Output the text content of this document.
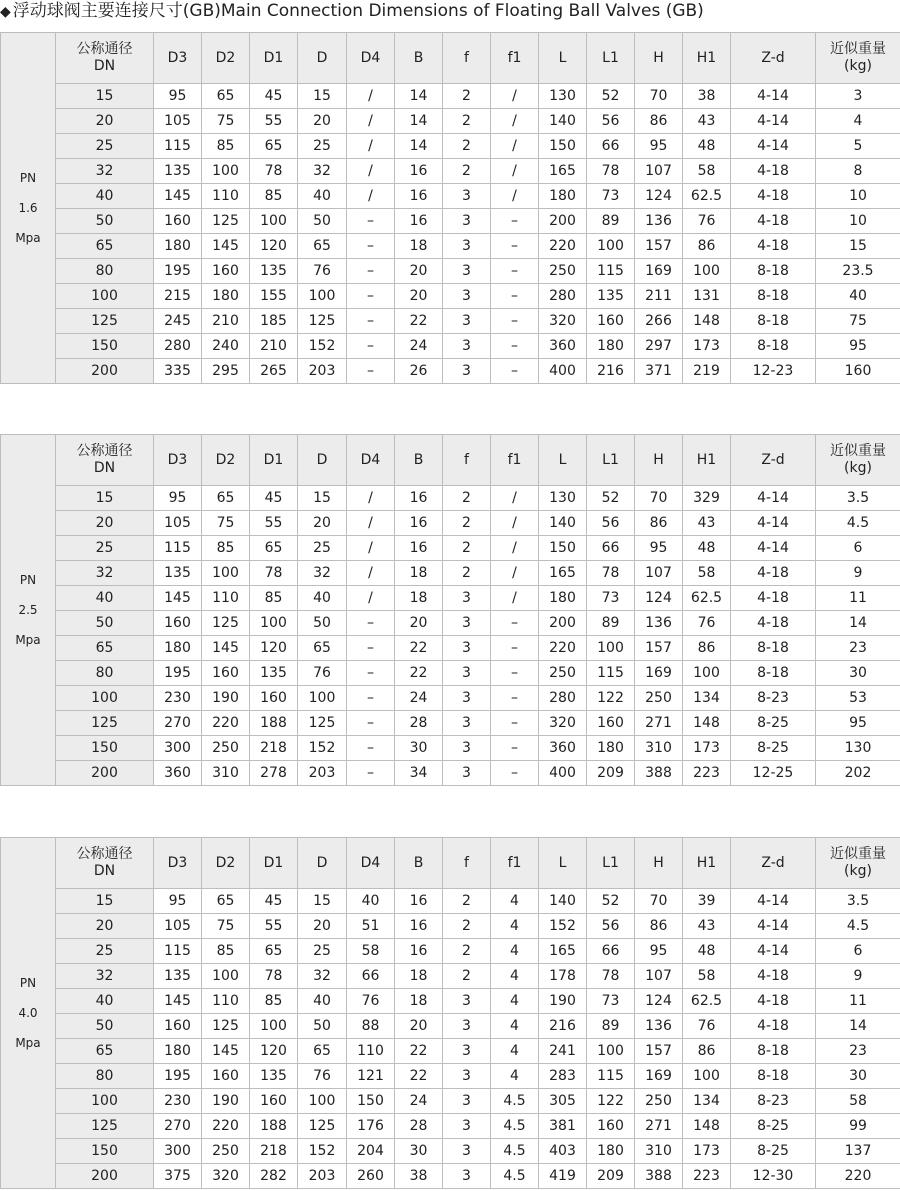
◆ 浮动球阀主要连接尺寸(GB)Main Connection Dimensions of Floating Ball Valves (GB)
PN
1.6
Mpa	公称通径
DN	D3	D2	D1	D	D4	B	f	f1	L	L1	H	H1	Z-d	近似重量
(kg)

	15	95	65	45	15	/	14	2	/	130	52	70	38	4-14	3
	20	105	75	55	20	/	14	2	/	140	56	86	43	4-14	4
	25	115	85	65	25	/	14	2	/	150	66	95	48	4-14	5
	32	135	100	78	32	/	16	2	/	165	78	107	58	4-18	8
	40	145	110	85	40	/	16	3	/	180	73	124	62.5	4-18	10
	50	160	125	100	50	–	16	3	–	200	89	136	76	4-18	10
	65	180	145	120	65	–	18	3	–	220	100	157	86	4-18	15
	80	195	160	135	76	–	20	3	–	250	115	169	100	8-18	23.5
	100	215	180	155	100	–	20	3	–	280	135	211	131	8-18	40
	125	245	210	185	125	–	22	3	–	320	160	266	148	8-18	75
	150	280	240	210	152	–	24	3	–	360	180	297	173	8-18	95
	200	335	295	265	203	–	26	3	–	400	216	371	219	12-23	160
PN
2.5
Mpa	公称通径
DN	D3	D2	D1	D	D4	B	f	f1	L	L1	H	H1	Z-d	近似重量
(kg)

	15	95	65	45	15	/	16	2	/	130	52	70	329	4-14	3.5
	20	105	75	55	20	/	16	2	/	140	56	86	43	4-14	4.5
	25	115	85	65	25	/	16	2	/	150	66	95	48	4-14	6
	32	135	100	78	32	/	18	2	/	165	78	107	58	4-18	9
	40	145	110	85	40	/	18	3	/	180	73	124	62.5	4-18	11
	50	160	125	100	50	–	20	3	–	200	89	136	76	4-18	14
	65	180	145	120	65	–	22	3	–	220	100	157	86	8-18	23
	80	195	160	135	76	–	22	3	–	250	115	169	100	8-18	30
	100	230	190	160	100	–	24	3	–	280	122	250	134	8-23	53
	125	270	220	188	125	–	28	3	–	320	160	271	148	8-25	95
	150	300	250	218	152	–	30	3	–	360	180	310	173	8-25	130
	200	360	310	278	203	–	34	3	–	400	209	388	223	12-25	202
PN
4.0
Mpa	公称通径
DN	D3	D2	D1	D	D4	B	f	f1	L	L1	H	H1	Z-d	近似重量
(kg)

	15	95	65	45	15	40	16	2	4	140	52	70	39	4-14	3.5
	20	105	75	55	20	51	16	2	4	152	56	86	43	4-14	4.5
	25	115	85	65	25	58	16	2	4	165	66	95	48	4-14	6
	32	135	100	78	32	66	18	2	4	178	78	107	58	4-18	9
	40	145	110	85	40	76	18	3	4	190	73	124	62.5	4-18	11
	50	160	125	100	50	88	20	3	4	216	89	136	76	4-18	14
	65	180	145	120	65	110	22	3	4	241	100	157	86	8-18	23
	80	195	160	135	76	121	22	3	4	283	115	169	100	8-18	30
	100	230	190	160	100	150	24	3	4.5	305	122	250	134	8-23	58
	125	270	220	188	125	176	28	3	4.5	381	160	271	148	8-25	99
	150	300	250	218	152	204	30	3	4.5	403	180	310	173	8-25	137
	200	375	320	282	203	260	38	3	4.5	419	209	388	223	12-30	220
